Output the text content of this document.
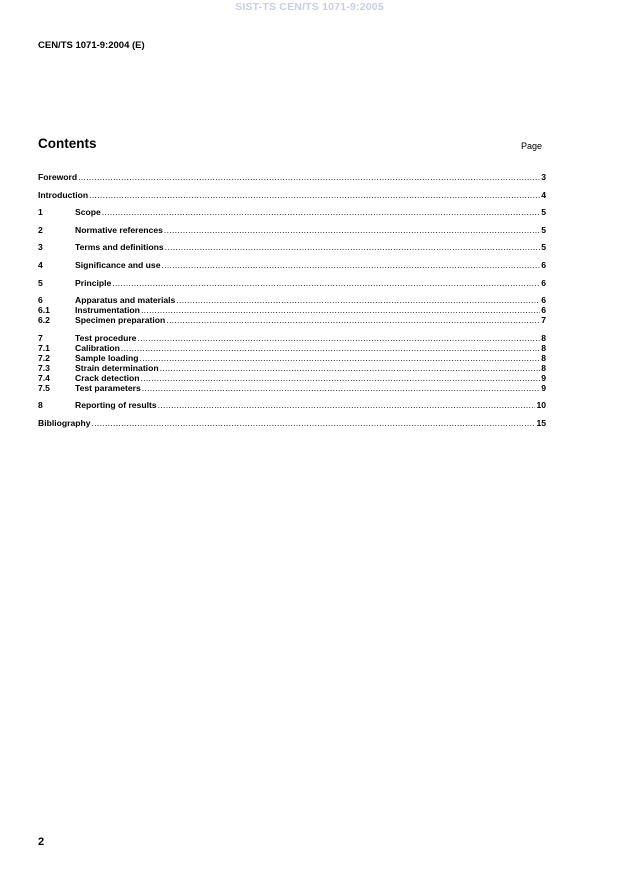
SIST-TS CEN/TS 1071-9:2005
CEN/TS 1071-9:2004 (E)
Contents	Page
Foreword .....	3
Introduction .....	4
1	Scope .....	5
2	Normative references .....	5
3	Terms and definitions .....	5
4	Significance and use .....	6
5	Principle .....	6
6	Apparatus and materials .....	6
6.1	Instrumentation .....	6
6.2	Specimen preparation .....	7
7	Test procedure .....	8
7.1	Calibration .....	8
7.2	Sample loading .....	8
7.3	Strain determination .....	8
7.4	Crack detection .....	9
7.5	Test parameters .....	9
8	Reporting of results .....	10
Bibliography .....	15
2
